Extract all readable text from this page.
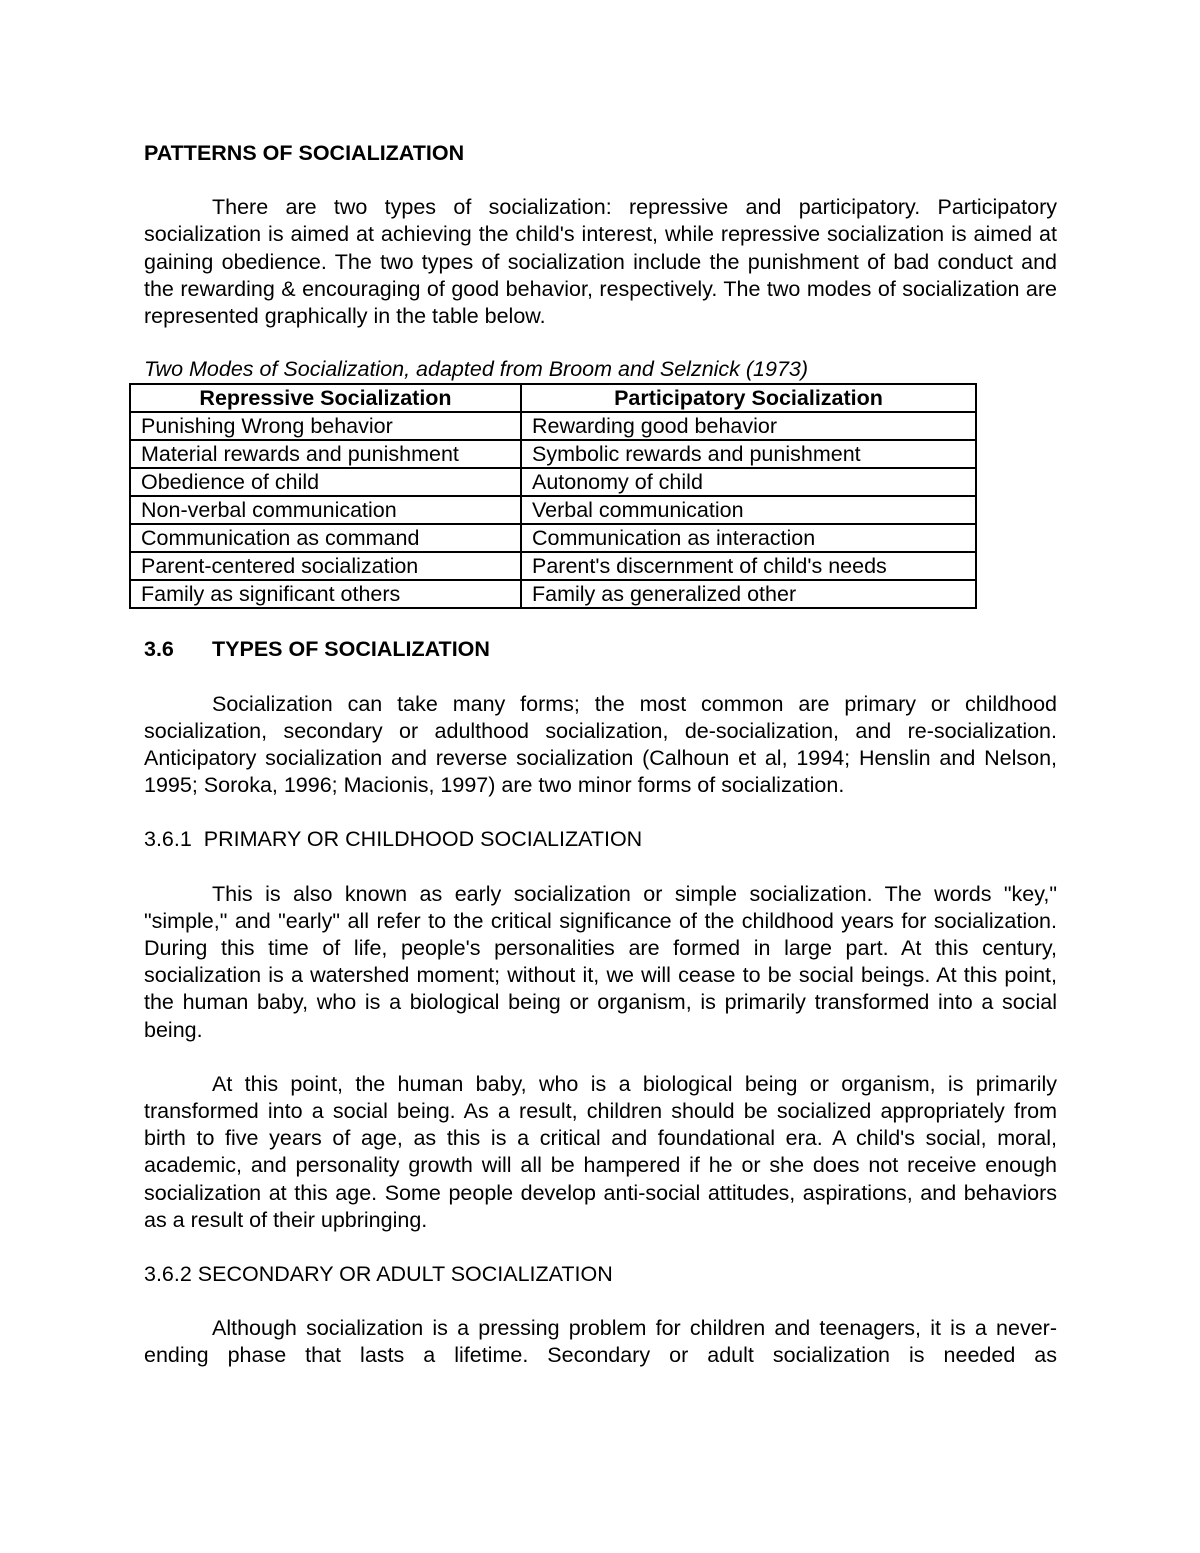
PATTERNS OF SOCIALIZATION

There are two types of socialization: repressive and participatory. Participatory socialization is aimed at achieving the child's interest, while repressive socialization is aimed at gaining obedience. The two types of socialization include the punishment of bad conduct and the rewarding & encouraging of good behavior, respectively. The two modes of socialization are represented graphically in the table below.

Two Modes of Socialization, adapted from Broom and Selznick (1973)

Repressive Socialization	Participatory Socialization
Punishing Wrong behavior	Rewarding good behavior
Material rewards and punishment	Symbolic rewards and punishment
Obedience of child	Autonomy of child
Non-verbal communication	Verbal communication
Communication as command	Communication as interaction
Parent-centered socialization	Parent's discernment of child's needs
Family as significant others	Family as generalized other

3.6 TYPES OF SOCIALIZATION

Socialization can take many forms; the most common are primary or childhood socialization, secondary or adulthood socialization, de-socialization, and re-socialization. Anticipatory socialization and reverse socialization (Calhoun et al, 1994; Henslin and Nelson, 1995; Soroka, 1996; Macionis, 1997) are two minor forms of socialization.

3.6.1  PRIMARY OR CHILDHOOD SOCIALIZATION

This is also known as early socialization or simple socialization. The words "key," "simple," and "early" all refer to the critical significance of the childhood years for socialization. During this time of life, people's personalities are formed in large part. At this century, socialization is a watershed moment; without it, we will cease to be social beings. At this point, the human baby, who is a biological being or organism, is primarily transformed into a social being.

At this point, the human baby, who is a biological being or organism, is primarily transformed into a social being. As a result, children should be socialized appropriately from birth to five years of age, as this is a critical and foundational era. A child's social, moral, academic, and personality growth will all be hampered if he or she does not receive enough socialization at this age. Some people develop anti-social attitudes, aspirations, and behaviors as a result of their upbringing.

3.6.2 SECONDARY OR ADULT SOCIALIZATION

Although socialization is a pressing problem for children and teenagers, it is a never-ending phase that lasts a lifetime. Secondary or adult socialization is needed as
